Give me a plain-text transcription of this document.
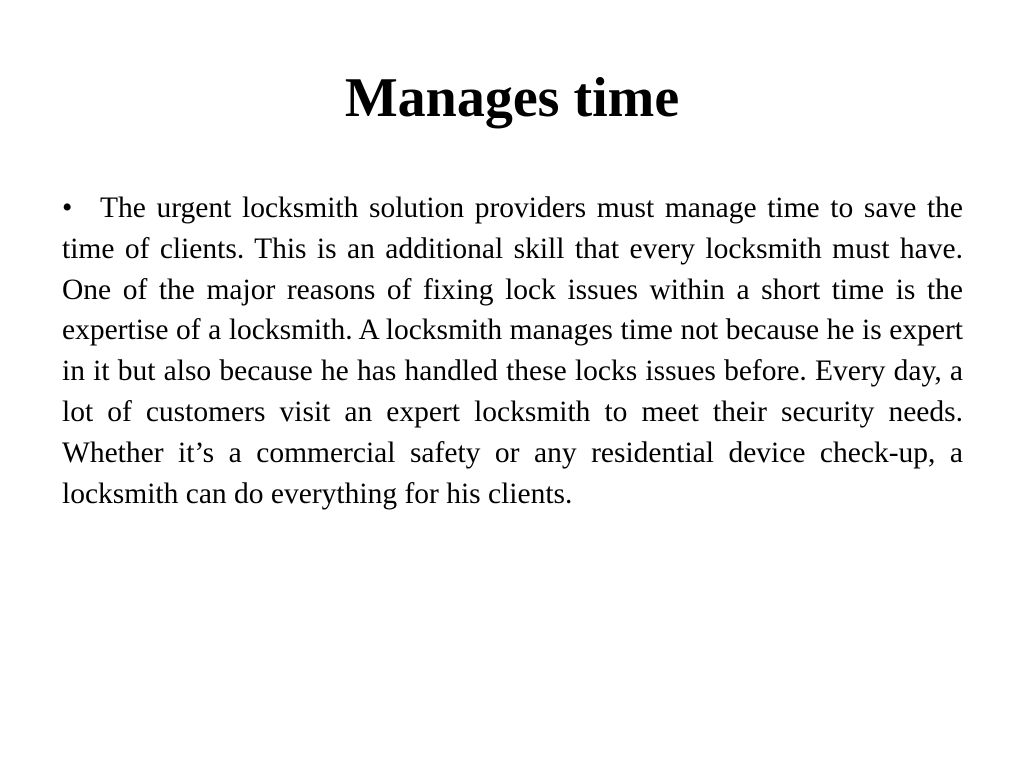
Manages time
• The urgent locksmith solution providers must manage time to save the time of clients. This is an additional skill that every locksmith must have. One of the major reasons of fixing lock issues within a short time is the expertise of a locksmith. A locksmith manages time not because he is expert in it but also because he has handled these locks issues before. Every day, a lot of customers visit an expert locksmith to meet their security needs. Whether it’s a commercial safety or any residential device check-up, a locksmith can do everything for his clients.
